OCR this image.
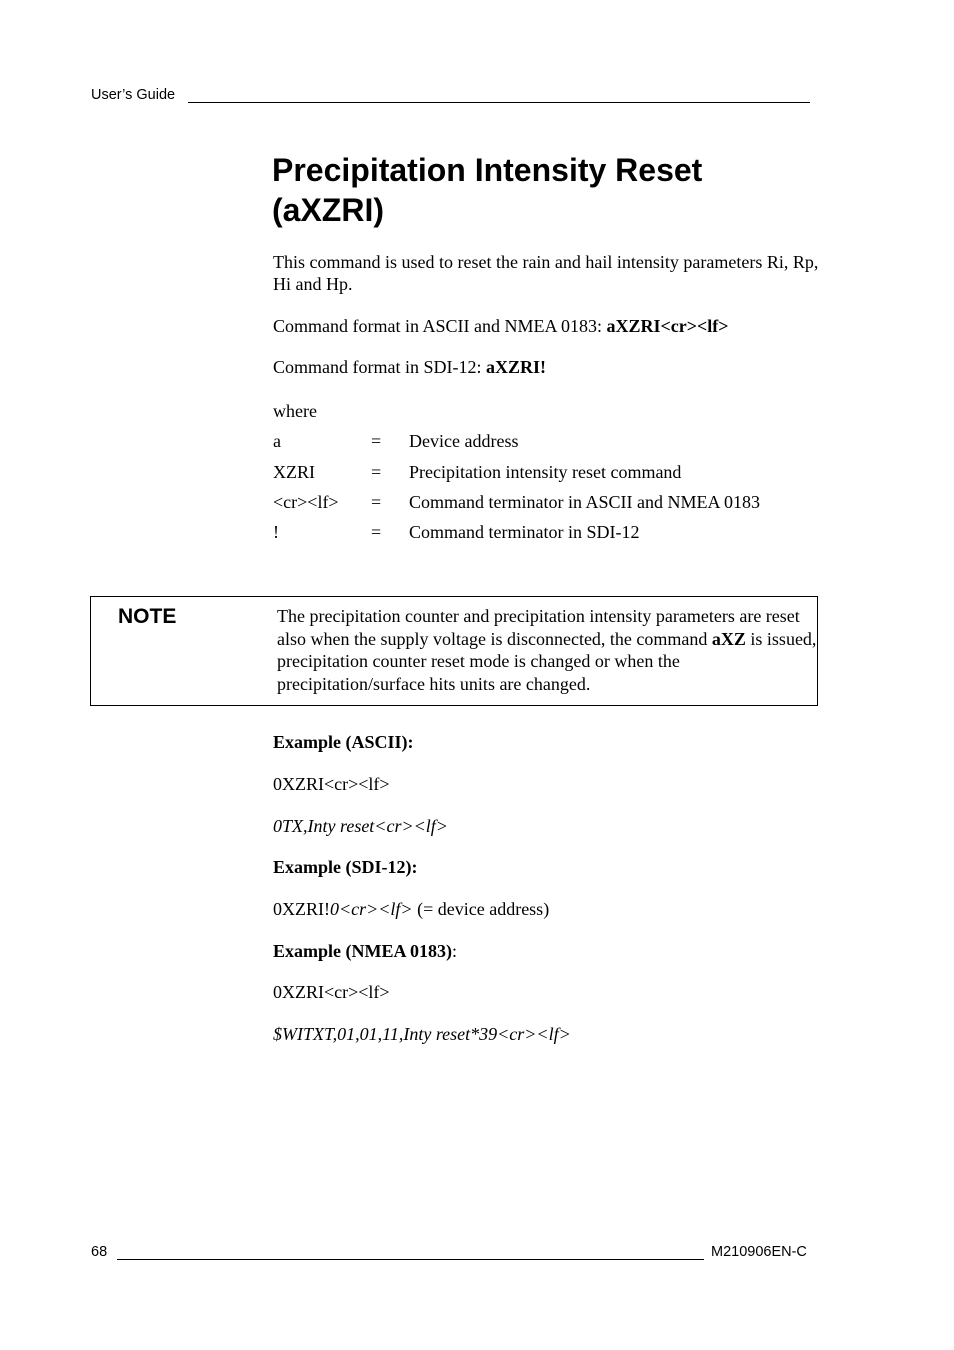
User’s Guide
Precipitation Intensity Reset
(aXZRI)
This command is used to reset the rain and hail intensity parameters Ri, Rp, Hi and Hp.
Command format in ASCII and NMEA 0183: aXZRI<cr><lf>
Command format in SDI-12: aXZRI!
where
a	= Device address
XZRI	= Precipitation intensity reset command
<cr><lf> = Command terminator in ASCII and NMEA 0183
!	= Command terminator in SDI-12
NOTE	The precipitation counter and precipitation intensity parameters are reset also when the supply voltage is disconnected, the command aXZ is issued, precipitation counter reset mode is changed or when the precipitation/surface hits units are changed.
Example (ASCII):
0XZRI<cr><lf>
0TX,Inty reset<cr><lf>
Example (SDI-12):
0XZRI!0<cr><lf> (= device address)
Example (NMEA 0183):
0XZRI<cr><lf>
$WITXT,01,01,11,Inty reset*39<cr><lf>
68	M210906EN-C
